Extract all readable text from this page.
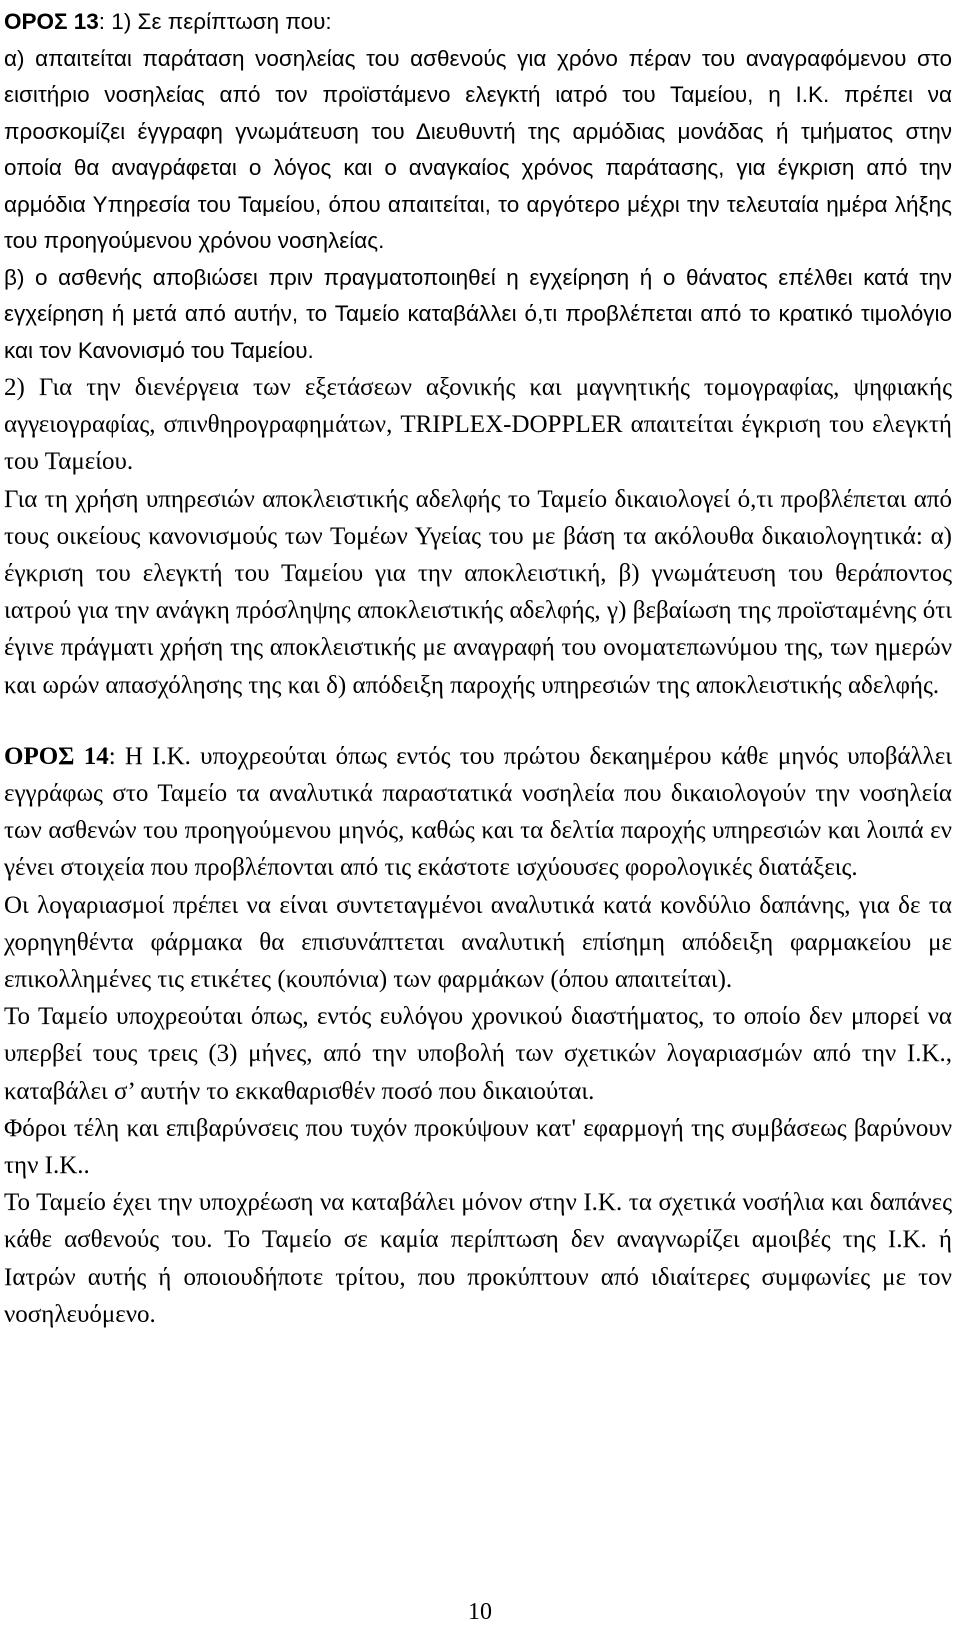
ΟΡΟΣ 13: 1) Σε περίπτωση που:

α) απαιτείται παράταση νοσηλείας του ασθενούς για χρόνο πέραν του αναγραφόμενου στο εισιτήριο νοσηλείας από τον προϊστάμενο ελεγκτή ιατρό του Ταμείου, η Ι.Κ. πρέπει να προσκομίζει έγγραφη γνωμάτευση του Διευθυντή της αρμόδιας μονάδας ή τμήματος στην οποία θα αναγράφεται ο λόγος και ο αναγκαίος χρόνος παράτασης, για έγκριση από την αρμόδια Υπηρεσία του Ταμείου, όπου απαιτείται, το αργότερο μέχρι την τελευταία ημέρα λήξης του προηγούμενου χρόνου νοσηλείας.

β) ο ασθενής αποβιώσει πριν πραγματοποιηθεί η εγχείρηση ή ο θάνατος επέλθει κατά την εγχείρηση ή μετά από αυτήν, το Ταμείο καταβάλλει ό,τι προβλέπεται από το κρατικό τιμολόγιο και τον Κανονισμό του Ταμείου.

2) Για την διενέργεια των εξετάσεων αξονικής και μαγνητικής τομογραφίας, ψηφιακής αγγειογραφίας, σπινθηρογραφημάτων, TRIPLEX-DOPPLER απαιτείται έγκριση του ελεγκτή του Ταμείου.

Για τη χρήση υπηρεσιών αποκλειστικής αδελφής το Ταμείο δικαιολογεί ό,τι προβλέπεται από τους οικείους κανονισμούς των Τομέων Υγείας του με βάση τα ακόλουθα δικαιολογητικά: α) έγκριση του ελεγκτή του Ταμείου για την αποκλειστική, β) γνωμάτευση του θεράποντος ιατρού για την ανάγκη πρόσληψης αποκλειστικής αδελφής, γ) βεβαίωση της προϊσταμένης ότι έγινε πράγματι χρήση της αποκλειστικής με αναγραφή του ονοματεπωνύμου της, των ημερών και ωρών απασχόλησης της και δ) απόδειξη παροχής υπηρεσιών της αποκλειστικής αδελφής.

ΟΡΟΣ 14: Η Ι.Κ. υποχρεούται όπως εντός του πρώτου δεκαημέρου κάθε μηνός υποβάλλει εγγράφως στο Ταμείο τα αναλυτικά παραστατικά νοσηλεία που δικαιολογούν την νοσηλεία των ασθενών του προηγούμενου μηνός, καθώς και τα δελτία παροχής υπηρεσιών και λοιπά εν γένει στοιχεία που προβλέπονται από τις εκάστοτε ισχύουσες φορολογικές διατάξεις.

Οι λογαριασμοί πρέπει να είναι συντεταγμένοι αναλυτικά κατά κονδύλιο δαπάνης, για δε τα χορηγηθέντα φάρμακα θα επισυνάπτεται αναλυτική επίσημη απόδειξη φαρμακείου με επικολλημένες τις ετικέτες (κουπόνια) των φαρμάκων (όπου απαιτείται).

Το Ταμείο υποχρεούται όπως, εντός ευλόγου χρονικού διαστήματος, το οποίο δεν μπορεί να υπερβεί τους τρεις (3) μήνες, από την υποβολή των σχετικών λογαριασμών από την Ι.Κ., καταβάλει σ’ αυτήν το εκκαθαρισθέν ποσό που δικαιούται.

Φόροι τέλη και επιβαρύνσεις που τυχόν προκύψουν κατ' εφαρμογή της συμβάσεως βαρύνουν την Ι.Κ..

Το Ταμείο έχει την υποχρέωση να καταβάλει μόνον στην Ι.Κ. τα σχετικά νοσήλια και δαπάνες κάθε ασθενούς του. Το Ταμείο σε καμία περίπτωση δεν αναγνωρίζει αμοιβές της Ι.Κ. ή Ιατρών αυτής ή οποιουδήποτε τρίτου, που προκύπτουν από ιδιαίτερες συμφωνίες με τον νοσηλευόμενο.

10
